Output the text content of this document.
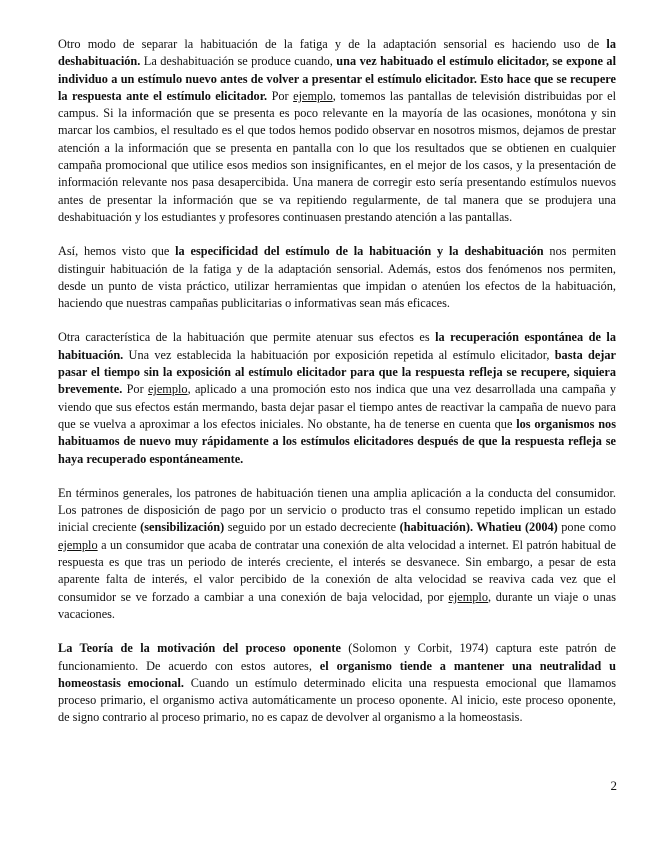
Otro modo de separar la habituación de la fatiga y de la adaptación sensorial es haciendo uso de la deshabituación. La deshabituación se produce cuando, una vez habituado el estímulo elicitador, se expone al individuo a un estímulo nuevo antes de volver a presentar el estímulo elicitador. Esto hace que se recupere la respuesta ante el estímulo elicitador. Por ejemplo, tomemos las pantallas de televisión distribuidas por el campus. Si la información que se presenta es poco relevante en la mayoría de las ocasiones, monótona y sin marcar los cambios, el resultado es el que todos hemos podido observar en nosotros mismos, dejamos de prestar atención a la información que se presenta en pantalla con lo que los resultados que se obtienen en cualquier campaña promocional que utilice esos medios son insignificantes, en el mejor de los casos, y la presentación de información relevante nos pasa desapercibida. Una manera de corregir esto sería presentando estímulos nuevos antes de presentar la información que se va repitiendo regularmente, de tal manera que se produjera una deshabituación y los estudiantes y profesores continuasen prestando atención a las pantallas.

Así, hemos visto que la especificidad del estímulo de la habituación y la deshabituación nos permiten distinguir habituación de la fatiga y de la adaptación sensorial. Además, estos dos fenómenos nos permiten, desde un punto de vista práctico, utilizar herramientas que impidan o atenúen los efectos de la habituación, haciendo que nuestras campañas publicitarias o informativas sean más eficaces.

Otra característica de la habituación que permite atenuar sus efectos es la recuperación espontánea de la habituación. Una vez establecida la habituación por exposición repetida al estímulo elicitador, basta dejar pasar el tiempo sin la exposición al estímulo elicitador para que la respuesta refleja se recupere, siquiera brevemente. Por ejemplo, aplicado a una promoción esto nos indica que una vez desarrollada una campaña y viendo que sus efectos están mermando, basta dejar pasar el tiempo antes de reactivar la campaña de nuevo para que se vuelva a aproximar a los efectos iniciales. No obstante, ha de tenerse en cuenta que los organismos nos habituamos de nuevo muy rápidamente a los estímulos elicitadores después de que la respuesta refleja se haya recuperado espontáneamente.

En términos generales, los patrones de habituación tienen una amplia aplicación a la conducta del consumidor. Los patrones de disposición de pago por un servicio o producto tras el consumo repetido implican un estado inicial creciente (sensibilización) seguido por un estado decreciente (habituación). Whatieu (2004) pone como ejemplo a un consumidor que acaba de contratar una conexión de alta velocidad a internet. El patrón habitual de respuesta es que tras un periodo de interés creciente, el interés se desvanece. Sin embargo, a pesar de esta aparente falta de interés, el valor percibido de la conexión de alta velocidad se reaviva cada vez que el consumidor se ve forzado a cambiar a una conexión de baja velocidad, por ejemplo, durante un viaje o unas vacaciones.

La Teoría de la motivación del proceso oponente (Solomon y Corbit, 1974) captura este patrón de funcionamiento. De acuerdo con estos autores, el organismo tiende a mantener una neutralidad u homeostasis emocional. Cuando un estímulo determinado elicita una respuesta emocional que llamamos proceso primario, el organismo activa automáticamente un proceso oponente. Al inicio, este proceso oponente, de signo contrario al proceso primario, no es capaz de devolver al organismo a la homeostasis.

2
